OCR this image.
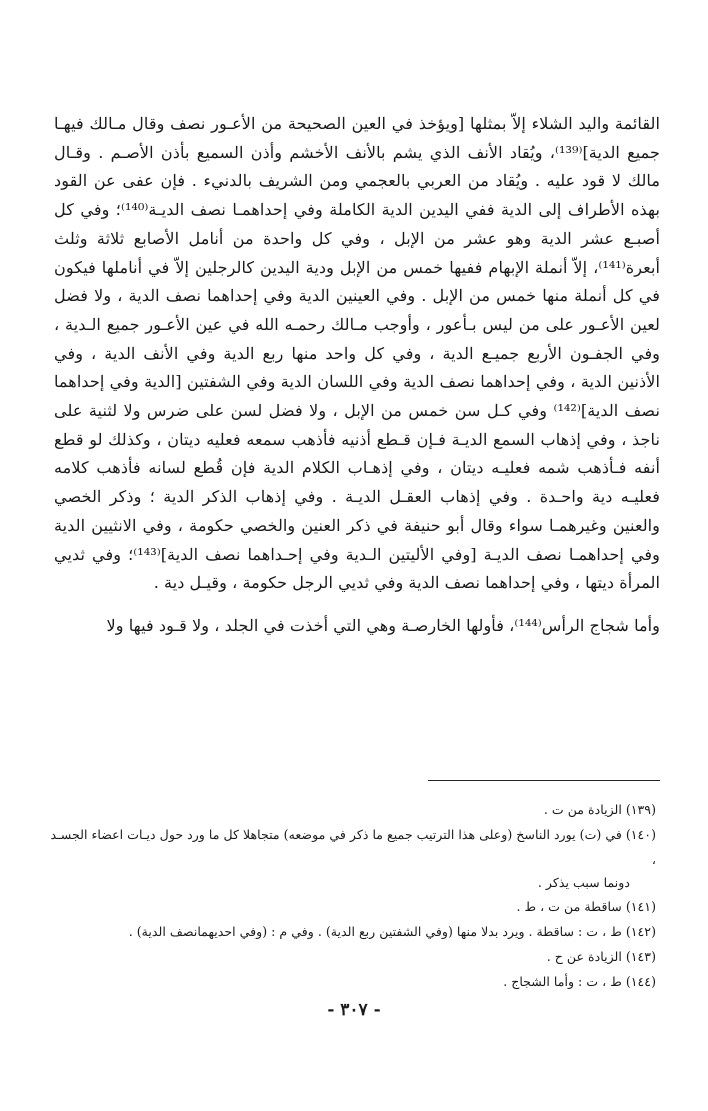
القائمة واليد الشلاء إلاّ بمثلها [ويؤخذ في العين الصحيحة من الأعـور نصف وقال مـالك فيهـا جميع الدية]⁽¹³⁹⁾، ويُقاد الأنف الذي يشم بالأنف الأخشم وأذن السميع بأذن الأصـم . وقـال مالك لا قود عليه . ويُقاد من العربي بالعجمي ومن الشريف بالدنيء . فإن عفى عن القود بهذه الأطراف إلى الدية ففي اليدين الدية الكاملة وفي إحداهمـا نصف الديـة⁽¹⁴⁰⁾؛ وفي كل أصبـع عشر الدية وهو عشر من الإبل ، وفي كل واحدة من أنامل الأصابع ثلاثة وثلث أبعرة⁽¹⁴¹⁾، إلاّ أنملة الإبهام ففيها خمس من الإبل ودية اليدين كالرجلين إلاّ في أناملها فيكون في كل أنملة منها خمس من الإبل . وفي العينين الدية وفي إحداهما نصف الدية ، ولا فضل لعين الأعـور على من ليس بـأعور ، وأوجب مـالك رحمـه الله في عين الأعـور جميع الـدية ، وفي الجفـون الأربع جميـع الدية ، وفي كل واحد منها ربع الدية وفي الأنف الدية ، وفي الأذنين الدية ، وفي إحداهما نصف الدية وفي اللسان الدية وفي الشفتين [الدية وفي إحداهما نصف الدية]⁽¹⁴²⁾ وفي كـل سن خمس من الإبل ، ولا فضل لسن على ضرس ولا لثنية على ناجذ ، وفي إذهاب السمع الديـة فـإن قـطع أذنيه فأذهب سمعه فعليه ديتان ، وكذلك لو قطع أنفه فـأذهب شمه فعليـه ديتان ، وفي إذهـاب الكلام الدية فإن قُطع لسانه فأذهب كلامه فعليـه دية واحـدة . وفي إذهاب العقـل الديـة . وفي إذهاب الذكر الدية ؛ وذكر الخصي والعنين وغيرهمـا سواء وقال أبو حنيفة في ذكر العنين والخصي حكومة ، وفي الانثيين الدية وفي إحداهمـا نصف الديـة [وفي الأليتين الـدية وفي إحـداهما نصف الدية]⁽¹⁴³⁾؛ وفي ثديي المرأة ديتها ، وفي إحداهما نصف الدية وفي ثديي الرجل حكومة ، وقيـل دية .

وأما شجاج الرأس⁽¹⁴⁴⁾، فأولها الخارصـة وهي التي أخذت في الجلد ، ولا قـود فيها ولا

(١٣٩) الزيادة من ت .

(١٤٠) في (ت) يورد الناسخ (وعلى هذا الترتيب جميع ما ذكر في موضعه) متجاهلا كل ما ورد حول ديـات اعضاء الجسـد ،

دونما سبب يذكر .

(١٤١) ساقطة من ت ، ط .

(١٤٢) ط ، ت : ساقطة . ويرد بدلا منها (وفي الشفتين ربع الدية) . وفي م : (وفي احديهمانصف الدية) .

(١٤٣) الزيادة عن ح .

(١٤٤) ط ، ت : وأما الشجاج .

- ٣٠٧ -
